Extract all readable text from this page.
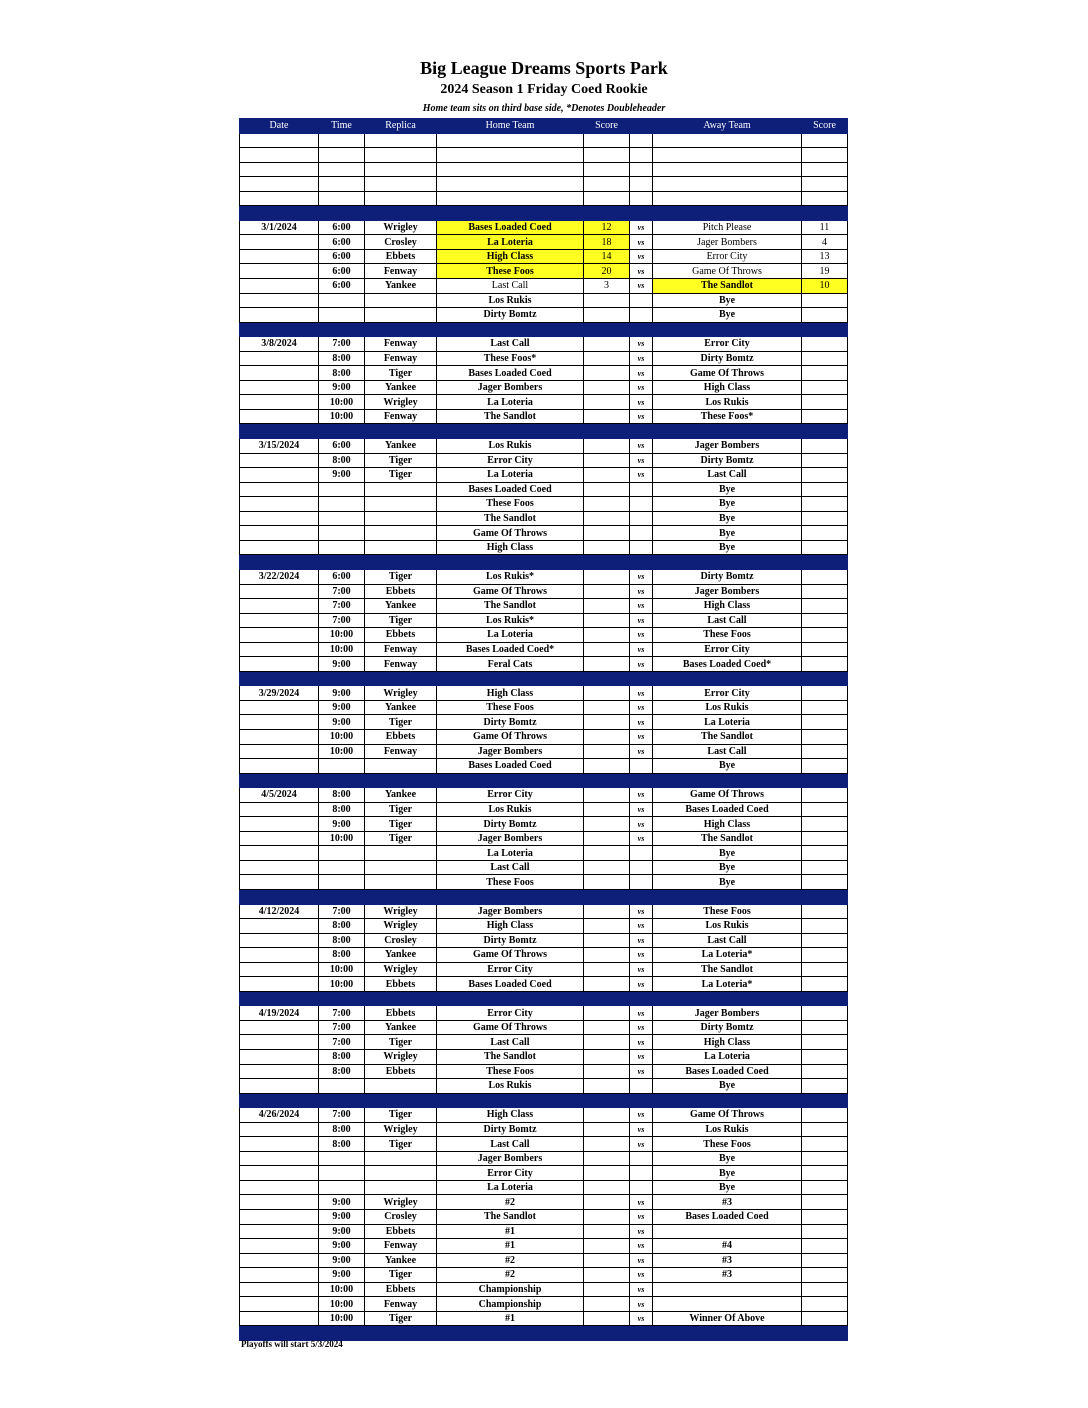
Big League Dreams Sports Park
2024 Season 1 Friday Coed Rookie
Home team sits on third base side, *Denotes Doubleheader
Date	Time	Replica	Home Team	Score		Away Team	Score

3/1/2024	6:00	Wrigley	Bases Loaded Coed	12	vs	Pitch Please	11
	6:00	Crosley	La Loteria	18	vs	Jager Bombers	4
	6:00	Ebbets	High Class	14	vs	Error City	13
	6:00	Fenway	These Foos	20	vs	Game Of Throws	19
	6:00	Yankee	Last Call	3	vs	The Sandlot	10
			Los Rukis			Bye	
			Dirty Bomtz			Bye	

3/8/2024	7:00	Fenway	Last Call		vs	Error City	
	8:00	Fenway	These Foos*		vs	Dirty Bomtz	
	8:00	Tiger	Bases Loaded Coed		vs	Game Of Throws	
	9:00	Yankee	Jager Bombers		vs	High Class	
	10:00	Wrigley	La Loteria		vs	Los Rukis	
	10:00	Fenway	The Sandlot		vs	These Foos*	

3/15/2024	6:00	Yankee	Los Rukis		vs	Jager Bombers	
	8:00	Tiger	Error City		vs	Dirty Bomtz	
	9:00	Tiger	La Loteria		vs	Last Call	
			Bases Loaded Coed			Bye	
			These Foos			Bye	
			The Sandlot			Bye	
			Game Of Throws			Bye	
			High Class			Bye	

3/22/2024	6:00	Tiger	Los Rukis*		vs	Dirty Bomtz	
	7:00	Ebbets	Game Of Throws		vs	Jager Bombers	
	7:00	Yankee	The Sandlot		vs	High Class	
	7:00	Tiger	Los Rukis*		vs	Last Call	
	10:00	Ebbets	La Loteria		vs	These Foos	
	10:00	Fenway	Bases Loaded Coed*		vs	Error City	
	9:00	Fenway	Feral Cats		vs	Bases Loaded Coed*	

3/29/2024	9:00	Wrigley	High Class		vs	Error City	
	9:00	Yankee	These Foos		vs	Los Rukis	
	9:00	Tiger	Dirty Bomtz		vs	La Loteria	
	10:00	Ebbets	Game Of Throws		vs	The Sandlot	
	10:00	Fenway	Jager Bombers		vs	Last Call	
			Bases Loaded Coed			Bye	

4/5/2024	8:00	Yankee	Error City		vs	Game Of Throws	
	8:00	Tiger	Los Rukis		vs	Bases Loaded Coed	
	9:00	Tiger	Dirty Bomtz		vs	High Class	
	10:00	Tiger	Jager Bombers		vs	The Sandlot	
			La Loteria			Bye	
			Last Call			Bye	
			These Foos			Bye	

4/12/2024	7:00	Wrigley	Jager Bombers		vs	These Foos	
	8:00	Wrigley	High Class		vs	Los Rukis	
	8:00	Crosley	Dirty Bomtz		vs	Last Call	
	8:00	Yankee	Game Of Throws		vs	La Loteria*	
	10:00	Wrigley	Error City		vs	The Sandlot	
	10:00	Ebbets	Bases Loaded Coed		vs	La Loteria*	

4/19/2024	7:00	Ebbets	Error City		vs	Jager Bombers	
	7:00	Yankee	Game Of Throws		vs	Dirty Bomtz	
	7:00	Tiger	Last Call		vs	High Class	
	8:00	Wrigley	The Sandlot		vs	La Loteria	
	8:00	Ebbets	These Foos		vs	Bases Loaded Coed	
			Los Rukis			Bye	

4/26/2024	7:00	Tiger	High Class		vs	Game Of Throws	
	8:00	Wrigley	Dirty Bomtz		vs	Los Rukis	
	8:00	Tiger	Last Call		vs	These Foos	
			Jager Bombers			Bye	
			Error City			Bye	
			La Loteria			Bye	
	9:00	Wrigley	#2		vs	#3	
	9:00	Crosley	The Sandlot		vs	Bases Loaded Coed	
	9:00	Ebbets	#1		vs		
	9:00	Fenway	#1		vs	#4	
	9:00	Yankee	#2		vs	#3	
	9:00	Tiger	#2		vs	#3	
	10:00	Ebbets	Championship		vs		
	10:00	Fenway	Championship		vs		
	10:00	Tiger	#1		vs	Winner Of Above	

Playoffs will start 5/3/2024
